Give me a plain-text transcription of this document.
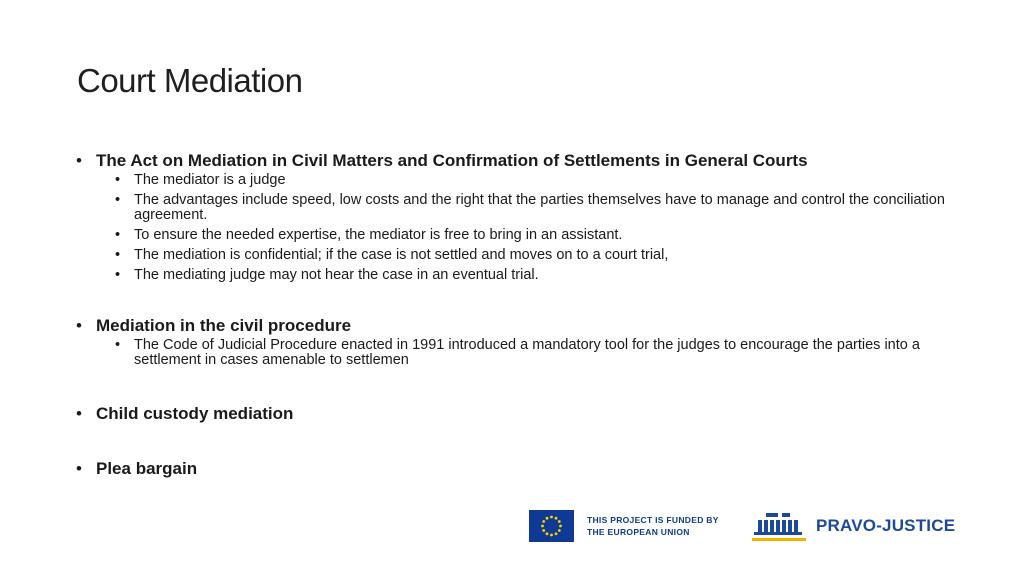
Court Mediation
• The Act on Mediation in Civil Matters and Confirmation of Settlements in General Courts
• The mediator is a judge
• The advantages include speed, low costs and the right that the parties themselves have to manage and control the conciliation agreement.
• To ensure the needed expertise, the mediator is free to bring in an assistant.
• The mediation is confidential; if the case is not settled and moves on to a court trial,
• The mediating judge may not hear the case in an eventual trial.
• Mediation in the civil procedure
• The Code of Judicial Procedure enacted in 1991 introduced a mandatory tool for the judges to encourage the parties into a settlement in cases amenable to settlemen
• Child custody mediation
• Plea bargain
THIS PROJECT IS FUNDED BY
THE EUROPEAN UNION	PRAVO-JUSTICE
